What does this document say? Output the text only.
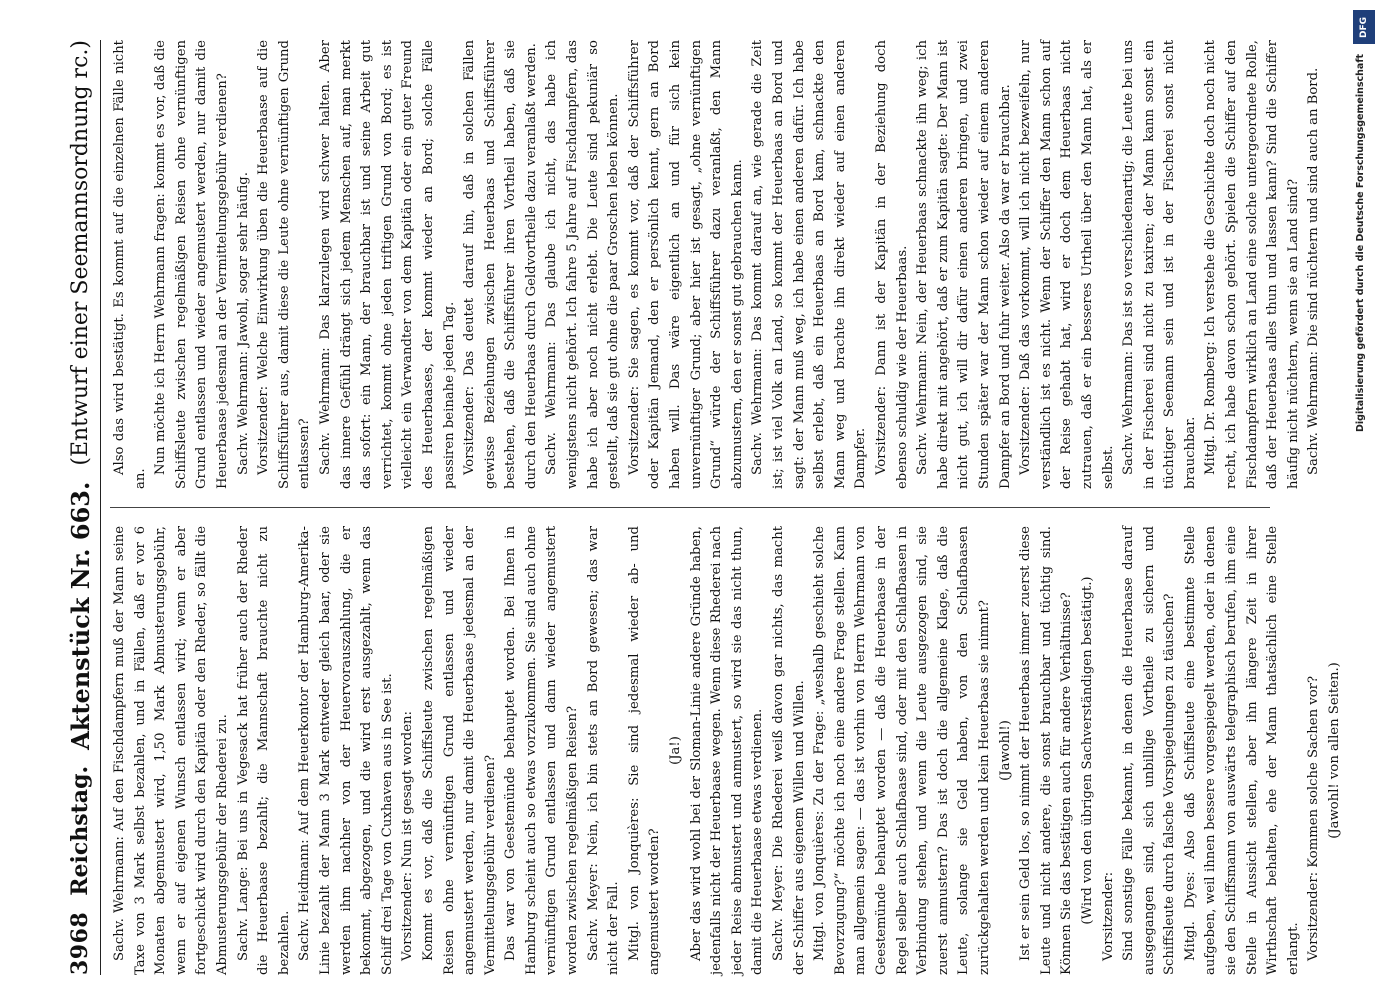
3968
Reichstag.
Aktenstück Nr. 663.
(Entwurf einer Seemannsordnung rc.)

Sachv. Wehrmann: Auf den Fischdampfern muß der Mann seine Taxe von 3 Mark selbst bezahlen, und in Fällen, daß er vor 6 Monaten abgemustert wird, 1,50 Mark Abmusterungsgebühr, wenn er auf eigenen Wunsch entlassen wird; wenn er aber fortgeschickt wird durch den Kapitän oder den Rheder, so fällt die Abmusterungsgebühr der Rhederei zu. Sachv. Lange: Bei uns in Vegesack hat früher auch der Rheder die Heuerbaase bezahlt; die Mannschaft brauchte nicht zu bezahlen. Sachv. Heidmann: Auf dem Heuerkontor der Hamburg-Amerika-Linie bezahlt der Mann 3 Mark entweder gleich baar, oder sie werden ihm nachher von der Heuervorauszahlung, die er bekommt, abgezogen, und die wird erst ausgezahlt, wenn das Schiff drei Tage von Cuxhaven aus in See ist. Vorsitzender: Nun ist gesagt worden: Kommt es vor, daß die Schiffsleute zwischen regelmäßigen Reisen ohne vernünftigen Grund entlassen und wieder angemustert werden, nur damit die Heuerbaase jedesmal an der Vermittelungsgebühr verdienen? Das war von Geestemünde behauptet worden. Bei Ihnen in Hamburg scheint auch so etwas vorzukommen. Sie sind auch ohne vernünftigen Grund entlassen und dann wieder angemustert worden zwischen regelmäßigen Reisen? Sachv. Meyer: Nein, ich bin stets an Bord gewesen; das war nicht der Fall. Mitgl. von Jonquières: Sie sind jedesmal wieder ab- und angemustert worden?

(Ja!) Aber das wird wohl bei der Sloman-Linie andere Gründe haben, jedenfalls nicht der Heuerbaase wegen. Wenn diese Rhederei nach jeder Reise abmustert und anmustert, so wird sie das nicht thun, damit die Heuerbaase etwas verdienen. Sachv. Meyer: Die Rhederei weiß davon gar nichts, das macht der Schiffer aus eigenem Willen und Willen. Mitgl. von Jonquières: Zu der Frage: „weshalb geschieht solche Bevorzugung?“ möchte ich noch eine andere Frage stellen. Kann man allgemein sagen: — das ist vorhin von Herrn Wehrmann von Geestemünde behauptet worden — daß die Heuerbaase in der Regel selber auch Schlafbaase sind, oder mit den Schlafbaasen in Verbindung stehen, und wenn die Leute ausgezogen sind, sie zuerst anmustern? Das ist doch die allgemeine Klage, daß die Leute, solange sie Geld haben, von den Schlafbaasen zurückgehalten werden und kein Heuerbaas sie nimmt? (Jawohl!) Ist er sein Geld los, so nimmt der Heuerbaas immer zuerst diese Leute und nicht andere, die sonst brauchbar und tüchtig sind. Können Sie das bestätigen auch für andere Verhältnisse? (Wird von den übrigen Sachverständigen bestätigt.) Vorsitzender: Sind sonstige Fälle bekannt, in denen die Heuerbaase darauf ausgegangen sind, sich unbillige Vortheile zu sichern und Schiffsleute durch falsche Vorspiegelungen zu täuschen? Mitgl. Dyes: Also daß Schiffsleute eine bestimmte Stelle aufgeben, weil ihnen bessere vorgespiegelt werden, oder in denen sie den Schiffsmann von auswärts telegraphisch berufen, ihm eine Stelle in Aussicht stellen, aber ihn längere Zeit in ihrer Wirthschaft behalten, ehe der Mann thatsächlich eine Stelle erlangt. Vorsitzender: Kommen solche Sachen vor? (Jawohl! von allen Seiten.)

Also das wird bestätigt. Es kommt auf die einzelnen Fälle nicht an.

Nun möchte ich Herrn Wehrmann fragen: kommt es vor, daß die Schiffsleute zwischen regelmäßigen Reisen ohne vernünftigen Grund entlassen und wieder angemustert werden, nur damit die Heuerbaase jedesmal an der Vermittelungsgebühr verdienen? Sachv. Wehrmann: Jawohl, sogar sehr häufig. Vorsitzender: Welche Einwirkung üben die Heuerbaase auf die Schiffsführer aus, damit diese die Leute ohne vernünftigen Grund entlassen? Sachv. Wehrmann: Das klarzulegen wird schwer halten. Aber das innere Gefühl drängt sich jedem Menschen auf, man merkt das sofort: ein Mann, der brauchbar ist und seine Arbeit gut verrichtet, kommt ohne jeden triftigen Grund von Bord; es ist vielleicht ein Verwandter von dem Kapitän oder ein guter Freund des Heuerbaases, der kommt wieder an Bord; solche Fälle passiren beinahe jeden Tag. Vorsitzender: Das deutet darauf hin, daß in solchen Fällen gewisse Beziehungen zwischen Heuerbaas und Schiffsführer bestehen, daß die Schiffsführer ihren Vortheil haben, daß sie durch den Heuerbaas durch Geldvortheile dazu veranlaßt werden. Sachv. Wehrmann: Das glaube ich nicht, das habe ich wenigstens nicht gehört. Ich fahre 5 Jahre auf Fischdampfern, das habe ich aber noch nicht erlebt. Die Leute sind pekuniär so gestellt, daß sie gut ohne die paar Groschen leben können. Vorsitzender: Sie sagen, es kommt vor, daß der Schiffsführer oder Kapitän Jemand, den er persönlich kennt, gern an Bord haben will. Das wäre eigentlich an und für sich kein unvernünftiger Grund; aber hier ist gesagt, „ohne vernünftigen Grund“ würde der Schiffsführer dazu veranlaßt, den Mann abzumustern, den er sonst gut gebrauchen kann. Sachv. Wehrmann: Das kommt darauf an, wie gerade die Zeit ist; ist viel Volk an Land, so kommt der Heuerbaas an Bord und sagt: der Mann muß weg, ich habe einen anderen dafür. Ich habe selbst erlebt, daß ein Heuerbaas an Bord kam, schnackte den Mann weg und brachte ihn direkt wieder auf einen anderen Dampfer. Vorsitzender: Dann ist der Kapitän in der Beziehung doch ebenso schuldig wie der Heuerbaas. Sachv. Wehrmann: Nein, der Heuerbaas schnackte ihn weg; ich habe direkt mit angehört, daß er zum Kapitän sagte: Der Mann ist nicht gut, ich will dir dafür einen anderen bringen, und zwei Stunden später war der Mann schon wieder auf einem anderen Dampfer an Bord und fuhr weiter. Also da war er brauchbar. Vorsitzender: Daß das vorkommt, will ich nicht bezweifeln, nur verständlich ist es nicht. Wenn der Schiffer den Mann schon auf der Reise gehabt hat, wird er doch dem Heuerbaas nicht zutrauen, daß er ein besseres Urtheil über den Mann hat, als er selbst. Sachv. Wehrmann: Das ist so verschiedenartig; die Leute bei uns in der Fischerei sind nicht zu taxiren; der Mann kann sonst ein tüchtiger Seemann sein und ist in der Fischerei sonst nicht brauchbar. Mitgl. Dr. Romberg: Ich verstehe die Geschichte doch noch nicht recht, ich habe davon schon gehört. Spielen die Schiffer auf den Fischdampfern wirklich an Land eine solche untergeordnete Rolle, daß der Heuerbaas alles thun und lassen kann? Sind die Schiffer häufig nicht nüchtern, wenn sie an Land sind? Sachv. Wehrmann: Die sind nüchtern und sind auch an Bord.

DFG
Digitalisierung gefördert durch die Deutsche Forschungsgemeinschaft
